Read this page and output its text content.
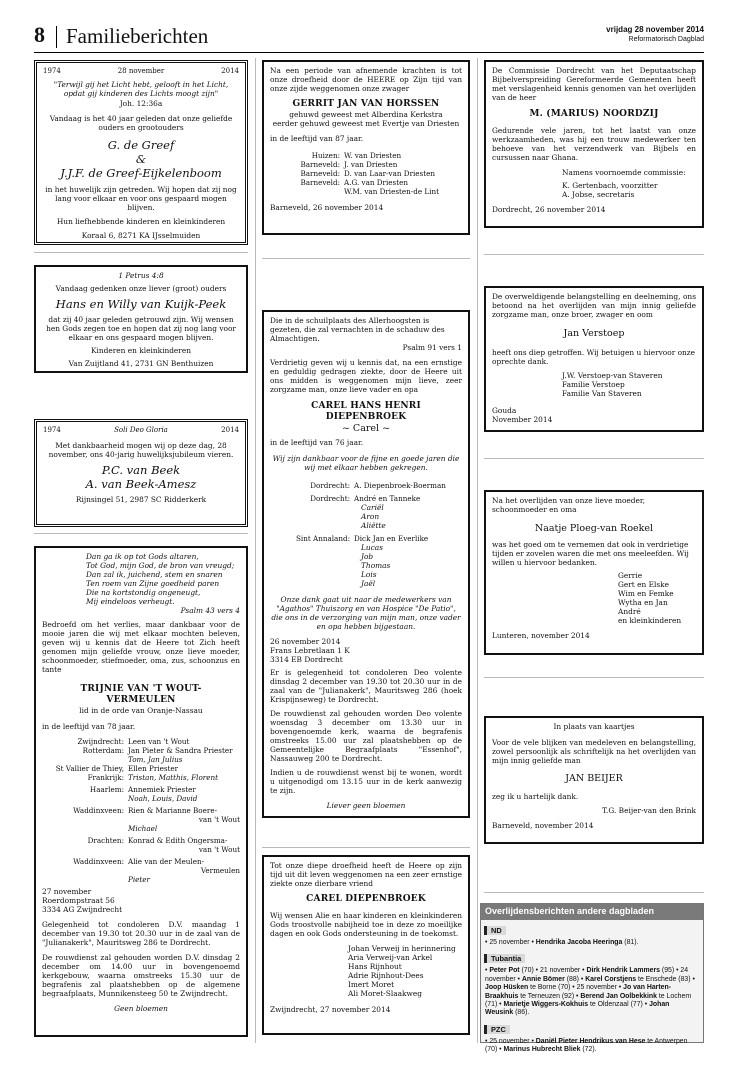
8 Familieberichten	vrijdag 28 november 2014
Reformatorisch Dagblad
1974	28 november	2014

"Terwijl gij het Licht hebt, gelooft in het Licht, opdat gij kinderen des Lichts moogt zijn"

Joh. 12:36a

Vandaag is het 40 jaar geleden dat onze geliefde ouders en grootouders

G. de Greef
&
J.J.F. de Greef-Eijkelenboom

in het huwelijk zijn getreden. Wij hopen dat zij nog lang voor elkaar en voor ons gespaard mogen blijven.

Hun liefhebbende kinderen en kleinkinderen

Koraal 6, 8271 KA IJsselmuiden

1 Petrus 4:8

Vandaag gedenken onze liever (groot) ouders

Hans en Willy van Kuijk-Peek

dat zij 40 jaar geleden getrouwd zijn. Wij wensen hen Gods zegen toe en hopen dat zij nog lang voor elkaar en ons gespaard mogen blijven.

Kinderen en kleinkinderen

Van Zuijtland 41, 2731 GN Benthuizen

1974	Soli Deo Gloria	2014

Met dankbaarheid mogen wij op deze dag, 28 november, ons 40-jarig huwelijksjubileum vieren.

P.C. van Beek
A. van Beek-Amesz

Rijnsingel 51, 2987 SC Ridderkerk

Dan ga ik op tot Gods altaren,
Tot God, mijn God, de bron van vreugd;
Dan zal ik, juichend, stem en snaren
Ten roem van Zijne goedheid paren
Die na kortstondig ongeneugt,
Mij eindeloos verheugt.

Psalm 43 vers 4

Bedroefd om het verlies, maar dankbaar voor de mooie jaren die wij met elkaar mochten beleven, geven wij u kennis dat de Heere tot Zich heeft genomen mijn geliefde vrouw, onze lieve moeder, schoonmoeder, stiefmoeder, oma, zus, schoonzus en tante

TRIJNIE VAN 'T WOUT-
VERMEULEN

lid in de orde van Oranje-Nassau

in de leeftijd van 78 jaar.

Zwijndrecht: Leen van 't Wout
Rotterdam: Jan Pieter & Sandra Priester
Tom, Jan Julius
St Vallier de Thiey, Ellen Priester
Frankrijk: Tristan, Matthis, Florent
Haarlem: Annemiek Priester
Noah, Louis, David
Waddinxveen: Rien & Marianne Boere-
van 't Wout
Michael
Drachten: Konrad & Edith Ongersma-
van 't Wout
Waddinxveen: Alie van der Meulen-
Vermeulen
Pieter
27 november
Roerdompstraat 56
3334 AG Zwijndrecht

Gelegenheid tot condoleren D.V. maandag 1 december van 19.30 tot 20.30 uur in de zaal van de "Julianakerk", Mauritsweg 286 te Dordrecht.

De rouwdienst zal gehouden worden D.V. dinsdag 2 december om 14.00 uur in bovengenoemd kerkgebouw, waarna omstreeks 15.30 uur de begrafenis zal plaatshebben op de algemene begraafplaats, Munnikensteeg 50 te Zwijndrecht.

Geen bloemen

Na een periode van afnemende krachten is tot onze droefheid door de HEERE op Zijn tijd van onze zijde weggenomen onze zwager

GERRIT JAN VAN HORSSEN
gehuwd geweest met Alberdina Kerkstra
eerder gehuwd geweest met Evertje van Driesten

in de leeftijd van 87 jaar.

Huizen: W. van Driesten
Barneveld: J. van Driesten
Barneveld: D. van Laar-van Driesten
Barneveld: A.G. van Driesten
W.M. van Driesten-de Lint

Barneveld, 26 november 2014

Die in de schuilplaats des Allerhoogsten is gezeten, die zal vernachten in de schaduw des Almachtigen.

Psalm 91 vers 1

Verdrietig geven wij u kennis dat, na een ernstige en geduldig gedragen ziekte, door de Heere uit ons midden is weggenomen mijn lieve, zeer zorgzame man, onze lieve vader en opa

CAREL HANS HENRI
DIEPENBROEK
~ Carel ~

in de leeftijd van 76 jaar.

Wij zijn dankbaar voor de fijne en goede jaren die wij met elkaar hebben gekregen.

Dordrecht: A. Diepenbroek-Boerman
Dordrecht: André en Tanneke
Cariël
Aron
Aliëtte
Sint Annaland: Dick Jan en Everlike
Lucas
Job
Thomas
Lois
Jaël

Onze dank gaat uit naar de medewerkers van "Agathos" Thuiszorg en van Hospice "De Patio", die ons in de verzorging van mijn man, onze vader en opa hebben bijgestaan.

26 november 2014
Frans Lebretlaan 1 K
3314 EB Dordrecht

Er is gelegenheid tot condoleren Deo volente dinsdag 2 december van 19.30 tot 20.30 uur in de zaal van de "Julianakerk", Mauritsweg 286 (hoek Krispijnseweg) te Dordrecht.

De rouwdienst zal gehouden worden Deo volente woensdag 3 december om 13.30 uur in bovengenoemde kerk, waarna de begrafenis omstreeks 15.00 uur zal plaatshebben op de Gemeentelijke Begraafplaats "Essenhof", Nassauweg 200 te Dordrecht.

Indien u de rouwdienst wenst bij te wonen, wordt u uitgenodigd om 13.15 uur in de kerk aanwezig te zijn.

Liever geen bloemen

Tot onze diepe droefheid heeft de Heere op zijn tijd uit dit leven weggenomen na een zeer ernstige ziekte onze dierbare vriend

CAREL DIEPENBROEK

Wij wensen Alie en haar kinderen en kleinkinderen Gods troostvolle nabijheid toe in deze zo moeilijke dagen en ook Gods ondersteuning in de toekomst.

Johan Verweij in herinnering
Aria Verweij-van Arkel
Hans Rijnhout
Adrie Rijnhout-Dees
Imert Moret
Ali Moret-Slaakweg

Zwijndrecht, 27 november 2014

De Commissie Dordrecht van het Deputaatschap Bijbelverspreiding Gereformeerde Gemeenten heeft met verslagenheid kennis genomen van het overlijden van de heer

M. (MARIUS) NOORDZIJ

Gedurende vele jaren, tot het laatst van onze werkzaamheden, was hij een trouw medewerker ten behoeve van het verzendwerk van Bijbels en cursussen naar Ghana.

Namens voornoemde commissie:

K. Gertenbach, voorzitter
A. Jobse, secretaris

Dordrecht, 26 november 2014

De overweldigende belangstelling en deelneming, ons betoond na het overlijden van mijn innig geliefde zorgzame man, onze broer, zwager en oom

Jan Verstoep

heeft ons diep getroffen. Wij betuigen u hiervoor onze oprechte dank.

J.W. Verstoep-van Staveren
Familie Verstoep
Familie Van Staveren
Gouda
November 2014

Na het overlijden van onze lieve moeder, schoonmoeder en oma

Naatje Ploeg-van Roekel

was het goed om te vernemen dat ook in verdrietige tijden er zovelen waren die met ons meeleefden. Wij willen u hiervoor bedanken.

Gerrie
Gert en Elske
Wim en Femke
Wytha en Jan
André
en kleinkinderen

Lunteren, november 2014

In plaats van kaartjes

Voor de vele blijken van medeleven en belangstelling, zowel persoonlijk als schriftelijk na het overlijden van mijn innig geliefde man

JAN BEIJER

zeg ik u hartelijk dank.

T.G. Beijer-van den Brink

Barneveld, november 2014

Overlijdensberichten andere dagbladen
ND
• 25 november • Hendrika Jacoba Heeringa (81).
Tubantia
• Peter Pot (70) • 21 november • Dirk Hendrik Lammers (95) • 24 november • Annie Bömer (88) • Karel Corstjens te Enschede (83) • Joop Hüsken te Borne (70) • 25 november • Jo van Harten-Braakhuis te Terneuzen (92) • Berend Jan Oolbekkink te Lochem (71) • Marietje Wiggers-Kokhuis te Oldenzaal (77) • Johan Weusink (86).
PZC
• 25 november • Daniël Pieter Hendrikus van Hese te Antwerpen (70) • Marinus Hubrecht Bliek (72).
